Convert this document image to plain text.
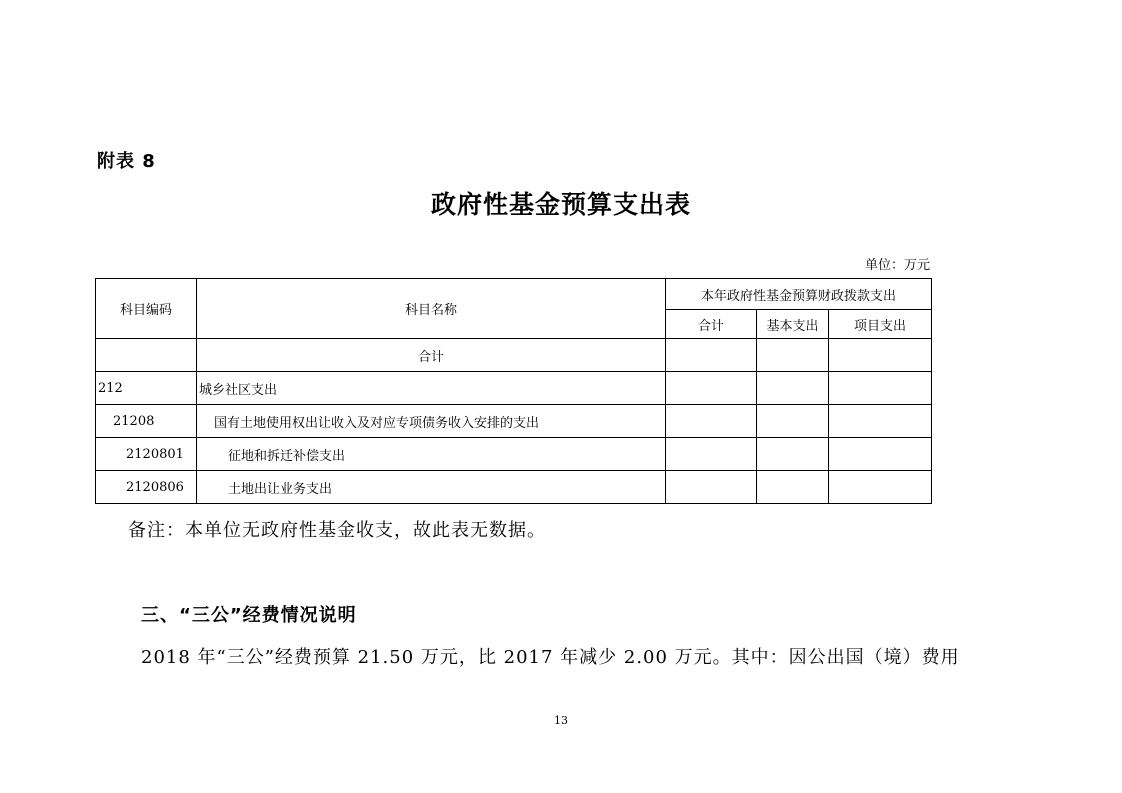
附表 8
政府性基金预算支出表
单位：万元
科目编码	科目名称	本年政府性基金预算财政拨款支出		
		合计	基本支出	项目支出
	合计			
212	城乡社区支出			
21208	国有土地使用权出让收入及对应专项债务收入安排的支出			
2120801	征地和拆迁补偿支出			
2120806	土地出让业务支出			
备注：本单位无政府性基金收支，故此表无数据。
三、“三公”经费情况说明
2018 年“三公”经费预算 21.50 万元，比 2017 年减少 2.00 万元。其中：因公出国（境）费用
13
